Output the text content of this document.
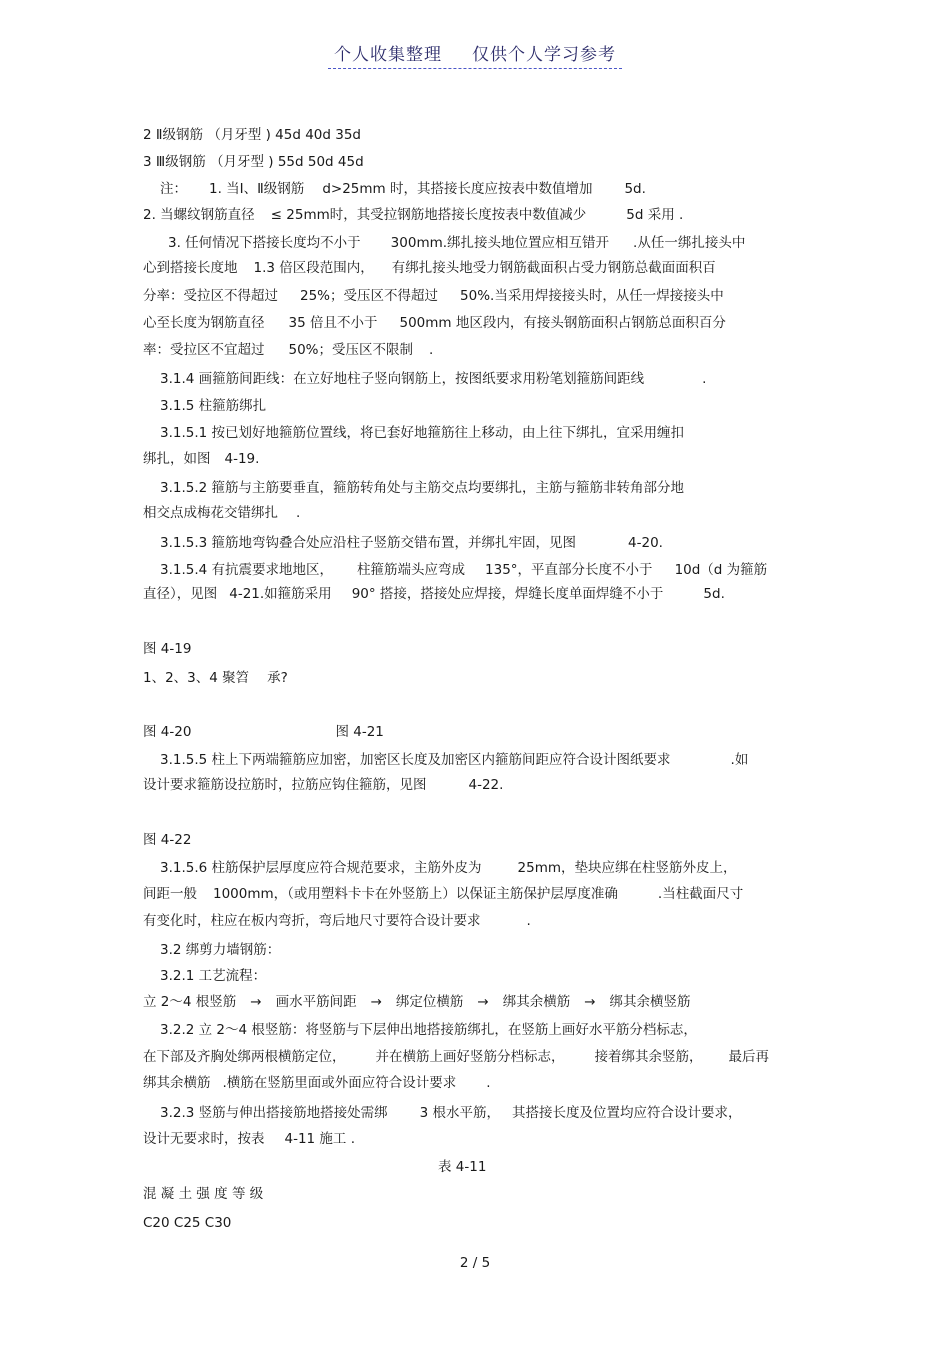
个人收集整理 仅供个人学习参考
2 Ⅱ级钢筋 （月牙型 ) 45d 40d 35d
3 Ⅲ级钢筋 （月牙型 ) 55d 50d 45d
注： 1. 当Ⅰ、Ⅱ级钢筋 d>25mm 时，其搭接长度应按表中数值增加 5d.
2. 当螺纹钢筋直径 ≤ 25mm时，其受拉钢筋地搭接长度按表中数值减少	5d 采用 .
3. 任何情况下搭接长度均不小于 300mm.绑扎接头地位置应相互错开 .从任一绑扎接头中
心到搭接长度地 1.3 倍区段范围内， 有绑扎接头地受力钢筋截面积占受力钢筋总截面面积百
分率：受拉区不得超过 25%；受压区不得超过 50%.当采用焊接接头时，从任一焊接接头中
心至长度为钢筋直径 35 倍且不小于 500mm 地区段内，有接头钢筋面积占钢筋总面积百分
率：受拉区不宜超过 50%；受压区不限制 .
3.1.4 画箍筋间距线：在立好地柱子竖向钢筋上，按图纸要求用粉笔划箍筋间距线	.
3.1.5 柱箍筋绑扎
3.1.5.1 按已划好地箍筋位置线，将已套好地箍筋往上移动，由上往下绑扎，宜采用缠扣
绑扎，如图 4-19.
3.1.5.2 箍筋与主筋要垂直，箍筋转角处与主筋交点均要绑扎，主筋与箍筋非转角部分地
相交点成梅花交错绑扎 .
3.1.5.3 箍筋地弯钩叠合处应沿柱子竖筋交错布置，并绑扎牢固，见图	4-20.
3.1.5.4 有抗震要求地地区， 柱箍筋端头应弯成 135°，平直部分长度不小于 10d（d 为箍筋
直径），见图 4-21.如箍筋采用 90° 搭接，搭接处应焊接，焊缝长度单面焊缝不小于	5d.
图 4-19
1、2、3、4 聚笤 承?
图 4-20	图 4-21
3.1.5.5 柱上下两端箍筋应加密，加密区长度及加密区内箍筋间距应符合设计图纸要求	.如
设计要求箍筋设拉筋时，拉筋应钩住箍筋，见图	4-22.
图 4-22
3.1.5.6 柱筋保护层厚度应符合规范要求，主筋外皮为	25mm，垫块应绑在柱竖筋外皮上，
间距一般 1000mm，（或用塑料卡卡在外竖筋上）以保证主筋保护层厚度准确	.当柱截面尺寸
有变化时，柱应在板内弯折，弯后地尺寸要符合设计要求	.
3.2 绑剪力墙钢筋：
3.2.1 工艺流程：
立 2～4 根竖筋 → 画水平筋间距 → 绑定位横筋 → 绑其余横筋 → 绑其余横竖筋
3.2.2 立 2～4 根竖筋：将竖筋与下层伸出地搭接筋绑扎，在竖筋上画好水平筋分档标志，
在下部及齐胸处绑两根横筋定位， 并在横筋上画好竖筋分档标志， 接着绑其余竖筋， 最后再
绑其余横筋 .横筋在竖筋里面或外面应符合设计要求 .
3.2.3 竖筋与伸出搭接筋地搭接处需绑 3 根水平筋， 其搭接长度及位置均应符合设计要求，
设计无要求时，按表 4-11 施工 .
表 4-11
混 凝 土 强 度 等 级
C20 C25 C30
2 / 5
